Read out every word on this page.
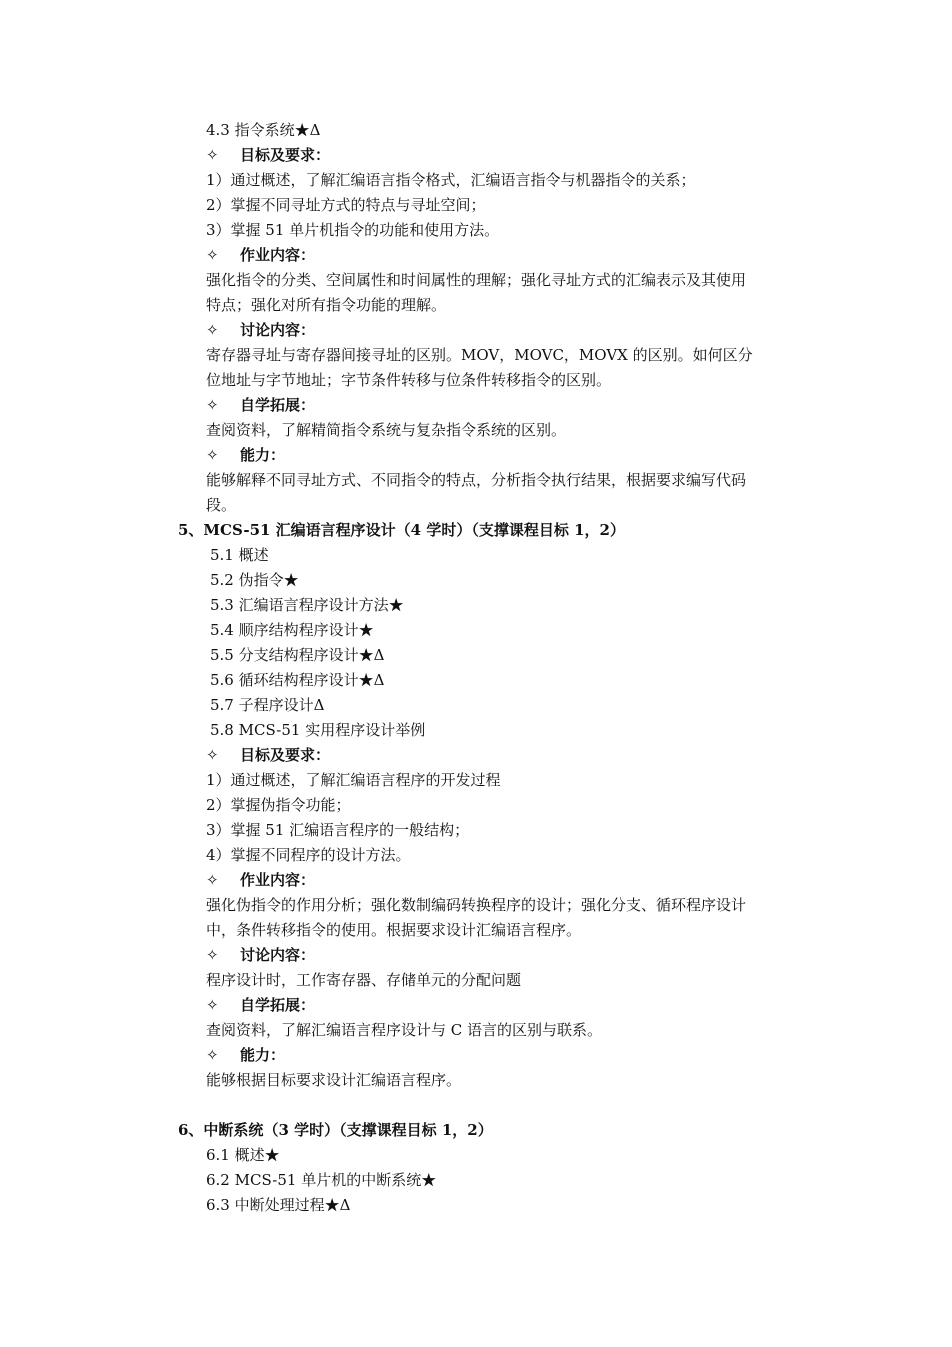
4.3 指令系统★Δ
✧ 目标及要求：
1）通过概述，了解汇编语言指令格式，汇编语言指令与机器指令的关系；
2）掌握不同寻址方式的特点与寻址空间；
3）掌握 51 单片机指令的功能和使用方法。
✧ 作业内容：
强化指令的分类、空间属性和时间属性的理解；强化寻址方式的汇编表示及其使用
特点；强化对所有指令功能的理解。
✧ 讨论内容：
寄存器寻址与寄存器间接寻址的区别。MOV，MOVC，MOVX 的区别。如何区分
位地址与字节地址；字节条件转移与位条件转移指令的区别。
✧ 自学拓展：
查阅资料，了解精简指令系统与复杂指令系统的区别。
✧ 能力：
能够解释不同寻址方式、不同指令的特点，分析指令执行结果，根据要求编写代码
段。
5、MCS-51 汇编语言程序设计（4 学时）（支撑课程目标 1，2）
5.1 概述
5.2 伪指令★
5.3 汇编语言程序设计方法★
5.4 顺序结构程序设计★
5.5 分支结构程序设计★Δ
5.6 循环结构程序设计★Δ
5.7 子程序设计Δ
5.8 MCS-51 实用程序设计举例
✧ 目标及要求：
1）通过概述，了解汇编语言程序的开发过程
2）掌握伪指令功能；
3）掌握 51 汇编语言程序的一般结构；
4）掌握不同程序的设计方法。
✧ 作业内容：
强化伪指令的作用分析；强化数制编码转换程序的设计；强化分支、循环程序设计
中，条件转移指令的使用。根据要求设计汇编语言程序。
✧ 讨论内容：
程序设计时，工作寄存器、存储单元的分配问题
✧ 自学拓展：
查阅资料，了解汇编语言程序设计与 C 语言的区别与联系。
✧ 能力：
能够根据目标要求设计汇编语言程序。
6、中断系统（3 学时）（支撑课程目标 1，2）
6.1 概述★
6.2 MCS-51 单片机的中断系统★
6.3 中断处理过程★Δ
